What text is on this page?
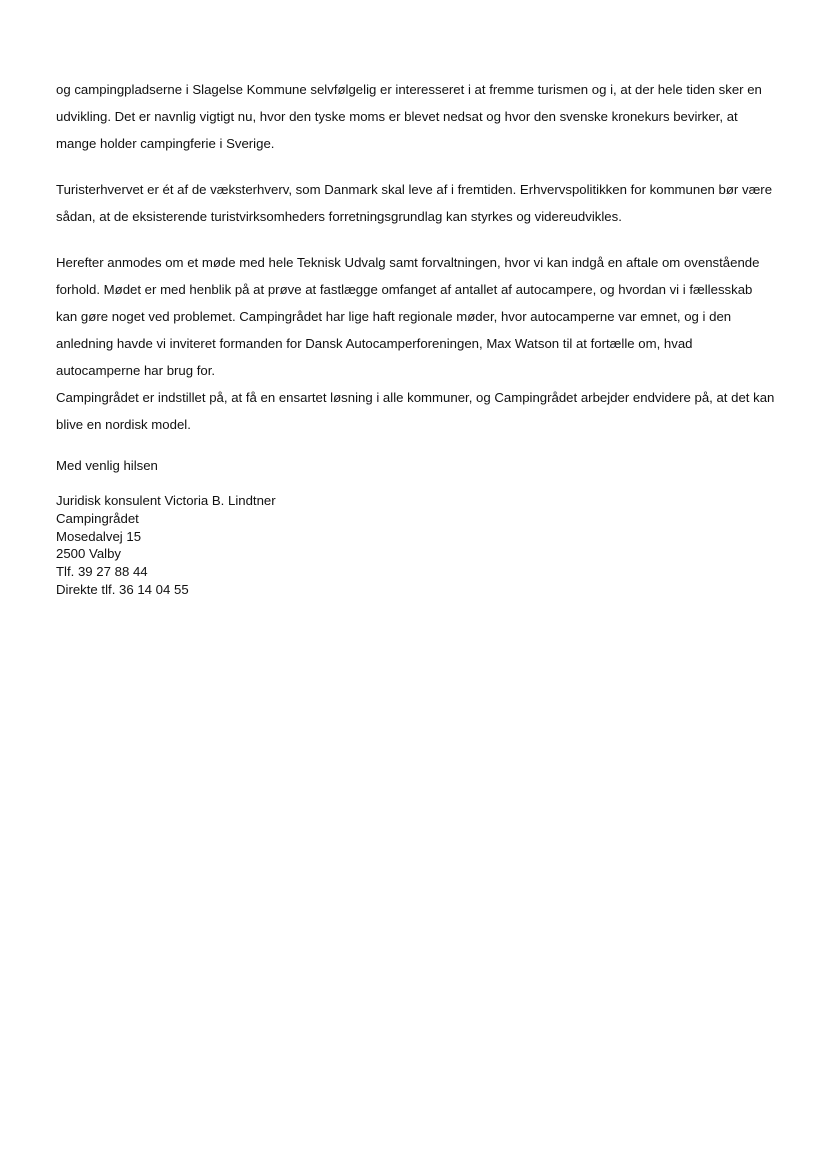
og campingpladserne i Slagelse Kommune selvfølgelig er interesseret i at fremme turismen og i, at der hele tiden sker en udvikling. Det er navnlig vigtigt nu, hvor den tyske moms er blevet nedsat og hvor den svenske kronekurs bevirker, at mange holder campingferie i Sverige.

Turisterhvervet er ét af de væksterhverv, som Danmark skal leve af i fremtiden. Erhvervspolitikken for kommunen bør være sådan, at de eksisterende turistvirksomheders forretningsgrundlag kan styrkes og videreudvikles.

Herefter anmodes om et møde med hele Teknisk Udvalg samt forvaltningen, hvor vi kan indgå en aftale om ovenstående forhold. Mødet er med henblik på at prøve at fastlægge omfanget af antallet af autocampere, og hvordan vi i fællesskab kan gøre noget ved problemet. Campingrådet har lige haft regionale møder, hvor autocamperne var emnet, og i den anledning havde vi inviteret formanden for Dansk Autocamperforeningen, Max Watson til at fortælle om, hvad autocamperne har brug for.

Campingrådet er indstillet på, at få en ensartet løsning i alle kommuner, og Campingrådet arbejder endvidere på, at det kan blive en nordisk model.

Med venlig hilsen
Juridisk konsulent Victoria B. Lindtner
Campingrådet
Mosedalvej 15
2500 Valby
Tlf. 39 27 88 44
Direkte tlf. 36 14 04 55
